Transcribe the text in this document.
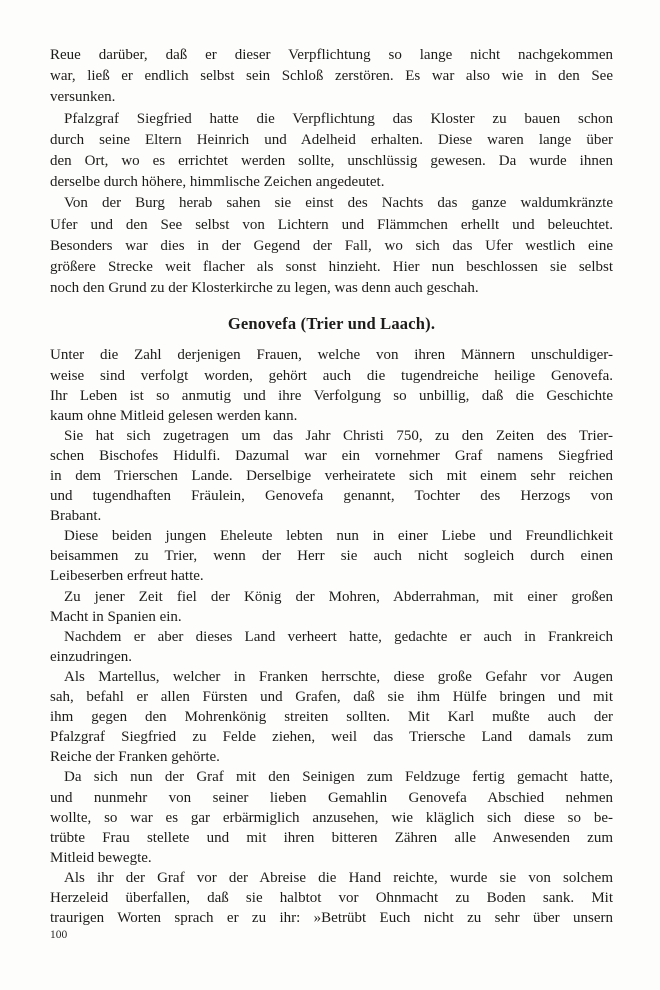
Reue darüber, daß er dieser Verpflichtung so lange nicht nachgekommen
war, ließ er endlich selbst sein Schloß zerstören. Es war also wie in den See
versunken.

Pfalzgraf Siegfried hatte die Verpflichtung das Kloster zu bauen schon
durch seine Eltern Heinrich und Adelheid erhalten. Diese waren lange über
den Ort, wo es errichtet werden sollte, unschlüssig gewesen. Da wurde ihnen
derselbe durch höhere, himmlische Zeichen angedeutet.

Von der Burg herab sahen sie einst des Nachts das ganze waldumkränzte
Ufer und den See selbst von Lichtern und Flämmchen erhellt und beleuchtet.
Besonders war dies in der Gegend der Fall, wo sich das Ufer westlich eine
größere Strecke weit flacher als sonst hinzieht. Hier nun beschlossen sie selbst
noch den Grund zu der Klosterkirche zu legen, was denn auch geschah.

Genovefa (Trier und Laach).

Unter die Zahl derjenigen Frauen, welche von ihren Männern unschuldiger-
weise sind verfolgt worden, gehört auch die tugendreiche heilige Genovefa.
Ihr Leben ist so anmutig und ihre Verfolgung so unbillig, daß die Geschichte
kaum ohne Mitleid gelesen werden kann.

Sie hat sich zugetragen um das Jahr Christi 750, zu den Zeiten des Trier-
schen Bischofes Hidulfi. Dazumal war ein vornehmer Graf namens Siegfried
in dem Trierschen Lande. Derselbige verheiratete sich mit einem sehr reichen
und tugendhaften Fräulein, Genovefa genannt, Tochter des Herzogs von
Brabant.

Diese beiden jungen Eheleute lebten nun in einer Liebe und Freundlichkeit
beisammen zu Trier, wenn der Herr sie auch nicht sogleich durch einen
Leibeserben erfreut hatte.

Zu jener Zeit fiel der König der Mohren, Abderrahman, mit einer großen
Macht in Spanien ein.

Nachdem er aber dieses Land verheert hatte, gedachte er auch in Frankreich
einzudringen.

Als Martellus, welcher in Franken herrschte, diese große Gefahr vor Augen
sah, befahl er allen Fürsten und Grafen, daß sie ihm Hülfe bringen und mit
ihm gegen den Mohrenkönig streiten sollten. Mit Karl mußte auch der
Pfalzgraf Siegfried zu Felde ziehen, weil das Triersche Land damals zum
Reiche der Franken gehörte.

Da sich nun der Graf mit den Seinigen zum Feldzuge fertig gemacht hatte,
und nunmehr von seiner lieben Gemahlin Genovefa Abschied nehmen
wollte, so war es gar erbärmiglich anzusehen, wie kläglich sich diese so be-
trübte Frau stellete und mit ihren bitteren Zähren alle Anwesenden zum
Mitleid bewegte.

Als ihr der Graf vor der Abreise die Hand reichte, wurde sie von solchem
Herzeleid überfallen, daß sie halbtot vor Ohnmacht zu Boden sank. Mit
traurigen Worten sprach er zu ihr: »Betrübt Euch nicht zu sehr über unsern

100
